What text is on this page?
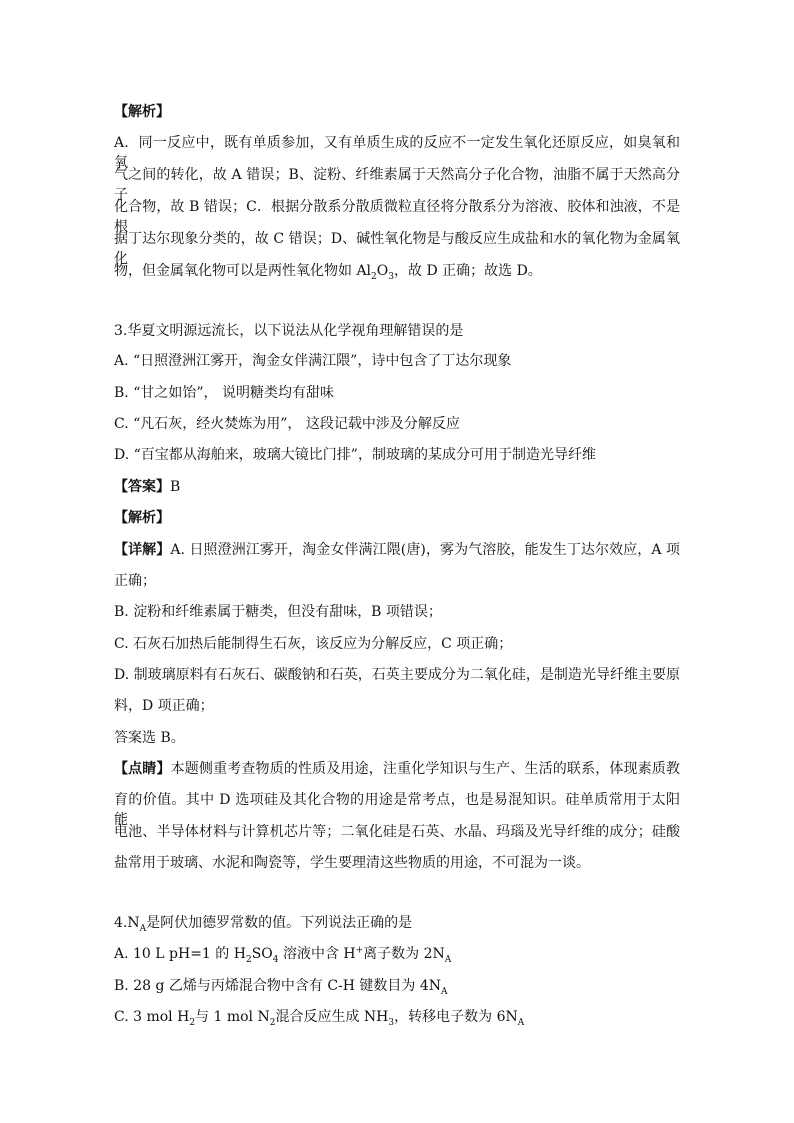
【解析】
A．同一反应中，既有单质参加，又有单质生成的反应不一定发生氧化还原反应，如臭氧和氧
气之间的转化，故 A 错误；B、淀粉、纤维素属于天然高分子化合物，油脂不属于天然高分子
化合物，故 B 错误；C．根据分散系分散质微粒直径将分散系分为溶液、胶体和浊液，不是根
据丁达尔现象分类的，故 C 错误；D、碱性氧化物是与酸反应生成盐和水的氧化物为金属氧化
物，但金属氧化物可以是两性氧化物如 $Al_2O_3$，故 D 正确；故选 D。
3.华夏文明源远流长，以下说法从化学视角理解错误的是
A. “日照澄洲江雾开，淘金女伴满江隈”，诗中包含了丁达尔现象
B. “甘之如饴”， 说明糖类均有甜味
C. “凡石灰，经火焚炼为用”， 这段记载中涉及分解反应
D. “百宝都从海舶来，玻璃大镜比门排”，制玻璃的某成分可用于制造光导纤维
【答案】B
【解析】
【详解】A. 日照澄洲江雾开，淘金女伴满江隈(唐)，雾为气溶胶，能发生丁达尔效应，A 项
正确；
B. 淀粉和纤维素属于糖类，但没有甜味，B 项错误；
C. 石灰石加热后能制得生石灰，该反应为分解反应，C 项正确；
D. 制玻璃原料有石灰石、碳酸钠和石英，石英主要成分为二氧化硅，是制造光导纤维主要原
料，D 项正确；
答案选 B。
【点睛】本题侧重考查物质的性质及用途，注重化学知识与生产、生活的联系，体现素质教
育的价值。其中 D 选项硅及其化合物的用途是常考点，也是易混知识。硅单质常用于太阳能
电池、半导体材料与计算机芯片等；二氧化硅是石英、水晶、玛瑙及光导纤维的成分；硅酸
盐常用于玻璃、水泥和陶瓷等，学生要理清这些物质的用途，不可混为一谈。
$4.N_A$是阿伏加德罗常数的值。下列说法正确的是
A. 10 L pH=1 的 $H_2SO_4$ 溶液中含 H+离子数为 $2N_A$
B. 28 g 乙烯与丙烯混合物中含有 C-H 键数目为 $4N_A$
C. 3 mol $H_2$与 1 mol $N_2$混合反应生成 $NH_3$，转移电子数为 $6N_A$
